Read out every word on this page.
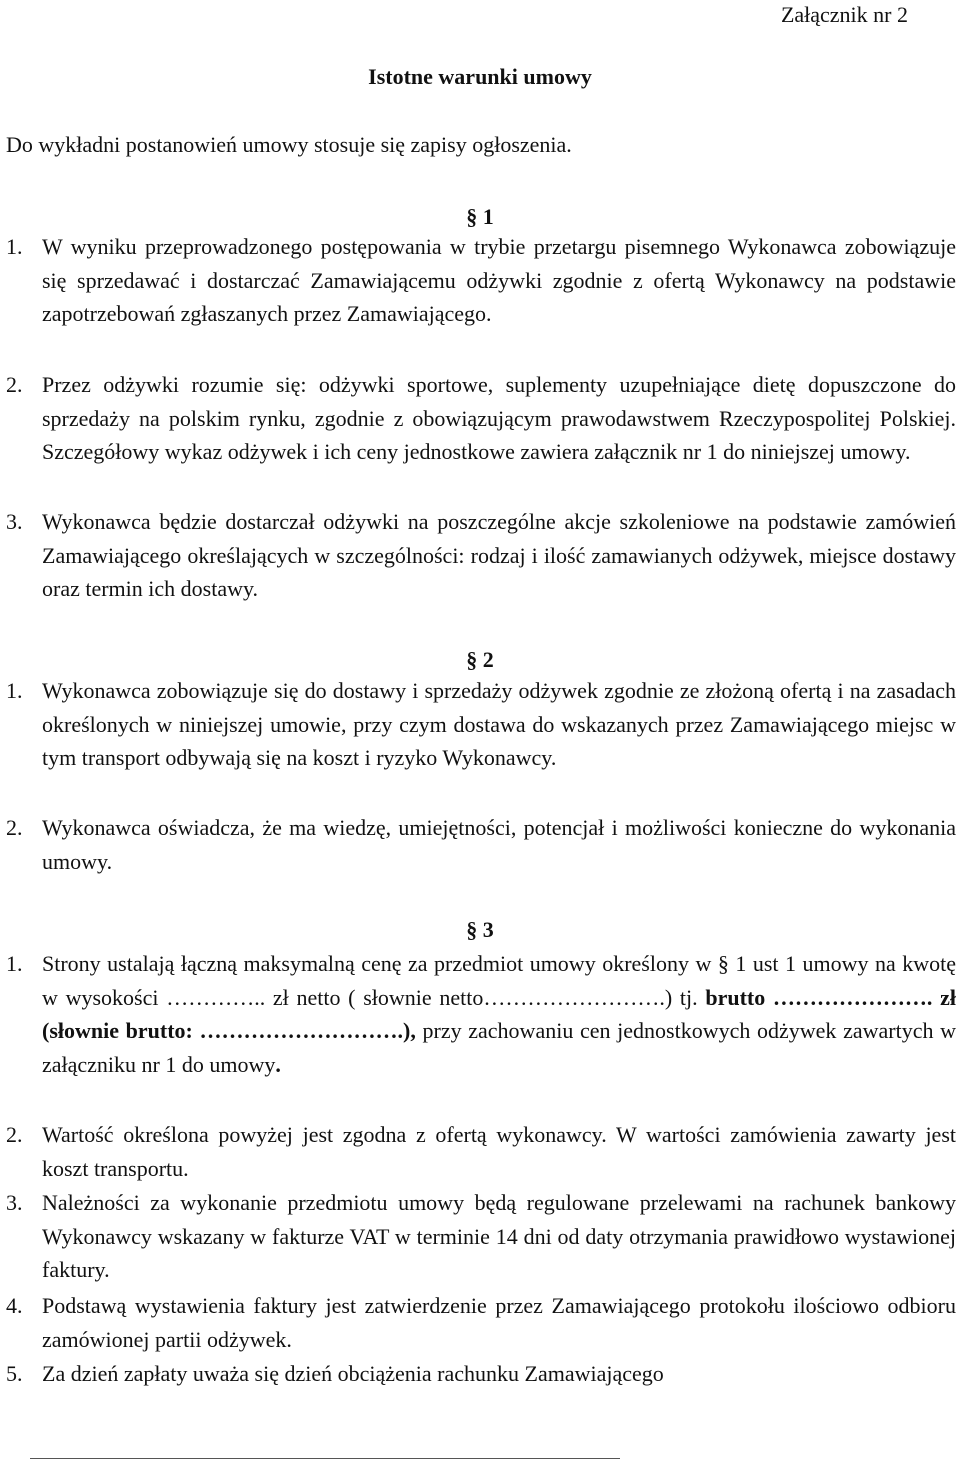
Załącznik nr 2
Istotne warunki umowy
Do wykładni postanowień umowy stosuje się zapisy ogłoszenia.
§ 1
1. W wyniku przeprowadzonego postępowania w trybie przetargu pisemnego Wykonawca zobowiązuje się sprzedawać i dostarczać Zamawiającemu odżywki zgodnie z ofertą Wykonawcy na podstawie zapotrzebowań zgłaszanych przez Zamawiającego.
2. Przez odżywki rozumie się: odżywki sportowe, suplementy uzupełniające dietę dopuszczone do sprzedaży na polskim rynku, zgodnie z obowiązującym prawodawstwem Rzeczypospolitej Polskiej. Szczegółowy wykaz odżywek i ich ceny jednostkowe zawiera załącznik nr 1 do niniejszej umowy.
3. Wykonawca będzie dostarczał odżywki na poszczególne akcje szkoleniowe na podstawie zamówień Zamawiającego określających w szczególności: rodzaj i ilość zamawianych odżywek, miejsce dostawy oraz termin ich dostawy.
§ 2
1. Wykonawca zobowiązuje się do dostawy i sprzedaży odżywek zgodnie ze złożoną ofertą i na zasadach określonych w niniejszej umowie, przy czym dostawa do wskazanych przez Zamawiającego miejsc w tym transport odbywają się na koszt i ryzyko Wykonawcy.
2. Wykonawca oświadcza, że ma wiedzę, umiejętności, potencjał i możliwości konieczne do wykonania umowy.
§ 3
1. Strony ustalają łączną maksymalną cenę za przedmiot umowy określony w § 1 ust 1 umowy na kwotę w wysokości ………….. zł netto ( słownie netto…………………….) tj. brutto …………………. zł (słownie brutto: ……………………….), przy zachowaniu cen jednostkowych odżywek zawartych w załączniku nr 1 do umowy.
2. Wartość określona powyżej jest zgodna z ofertą wykonawcy. W wartości zamówienia zawarty jest koszt transportu.
3. Należności za wykonanie przedmiotu umowy będą regulowane przelewami na rachunek bankowy Wykonawcy wskazany w fakturze VAT w terminie 14 dni od daty otrzymania prawidłowo wystawionej faktury.
4. Podstawą wystawienia faktury jest zatwierdzenie przez Zamawiającego protokołu ilościowo odbioru zamówionej partii odżywek.
5. Za dzień zapłaty uważa się dzień obciążenia rachunku Zamawiającego
